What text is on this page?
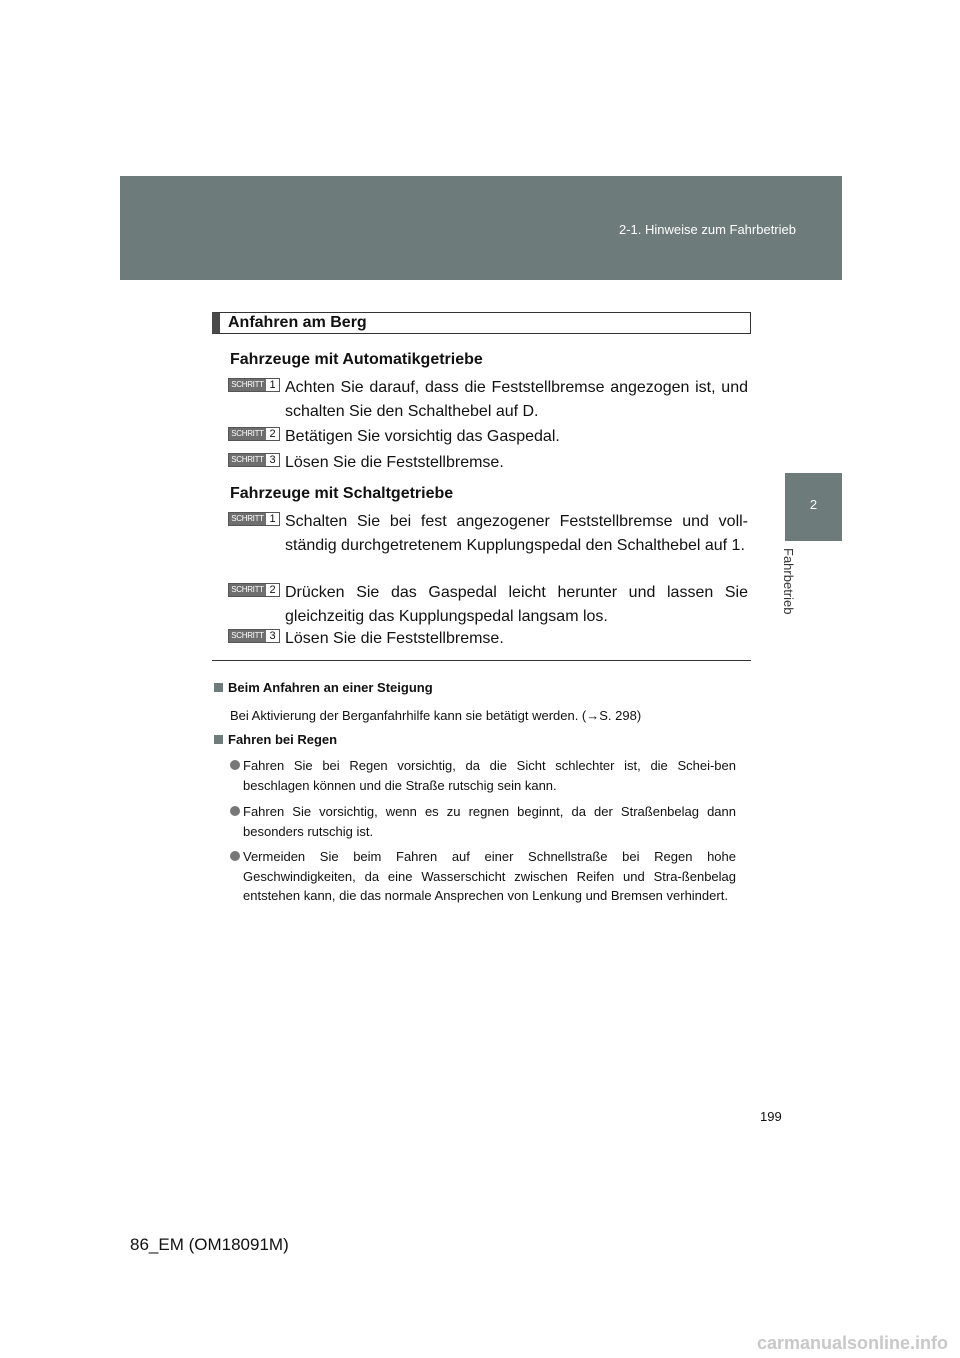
2-1. Hinweise zum Fahrbetrieb
2
Fahrbetrieb
Anfahren am Berg
Fahrzeuge mit Automatikgetriebe
SCHRITT 1 Achten Sie darauf, dass die Feststellbremse angezogen ist, und schalten Sie den Schalthebel auf D.
SCHRITT 2 Betätigen Sie vorsichtig das Gaspedal.
SCHRITT 3 Lösen Sie die Feststellbremse.
Fahrzeuge mit Schaltgetriebe
SCHRITT 1 Schalten Sie bei fest angezogener Feststellbremse und voll-ständig durchgetretenem Kupplungspedal den Schalthebel auf 1.
SCHRITT 2 Drücken Sie das Gaspedal leicht herunter und lassen Sie gleichzeitig das Kupplungspedal langsam los.
SCHRITT 3 Lösen Sie die Feststellbremse.
Beim Anfahren an einer Steigung
Bei Aktivierung der Berganfahrhilfe kann sie betätigt werden. (→S. 298)
Fahren bei Regen
Fahren Sie bei Regen vorsichtig, da die Sicht schlechter ist, die Schei-ben beschlagen können und die Straße rutschig sein kann.
Fahren Sie vorsichtig, wenn es zu regnen beginnt, da der Straßenbelag dann besonders rutschig ist.
Vermeiden Sie beim Fahren auf einer Schnellstraße bei Regen hohe Geschwindigkeiten, da eine Wasserschicht zwischen Reifen und Stra-ßenbelag entstehen kann, die das normale Ansprechen von Lenkung und Bremsen verhindert.
199
86_EM (OM18091M)
carmanualsonline.info
